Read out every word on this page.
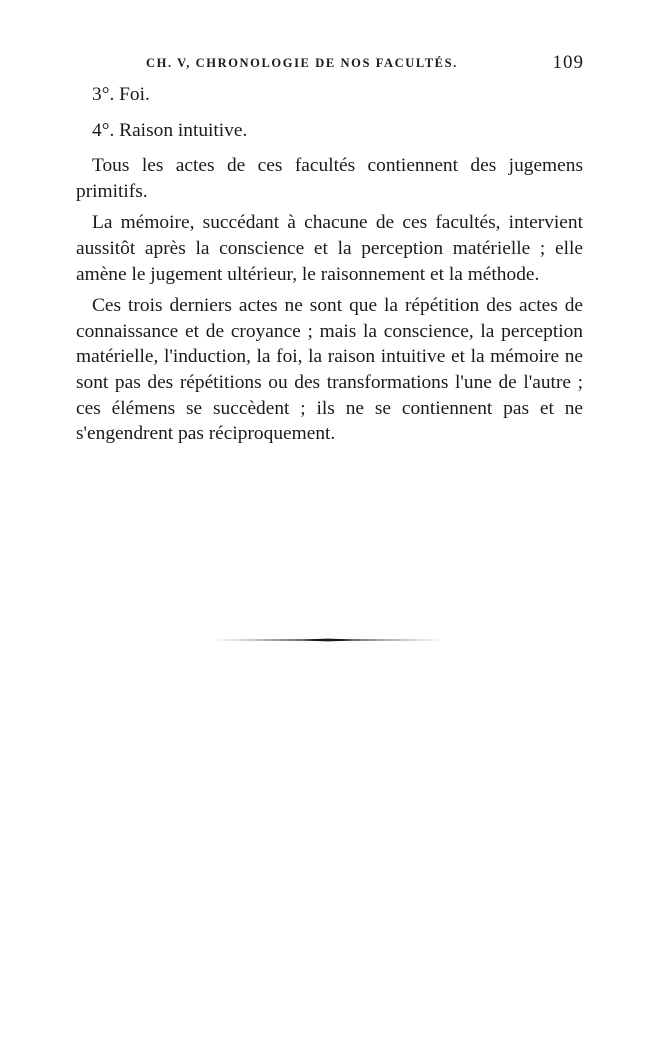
CH. V, CHRONOLOGIE DE NOS FACULTÉS.	109
3°. Foi.
4°. Raison intuitive.

Tous les actes de ces facultés contiennent des jugemens primitifs.

La mémoire, succédant à chacune de ces facultés, intervient aussitôt après la conscience et la perception matérielle ; elle amène le jugement ultérieur, le raisonnement et la méthode.

Ces trois derniers actes ne sont que la répétition des actes de connaissance et de croyance ; mais la conscience, la perception matérielle, l'induction, la foi, la raison intuitive et la mémoire ne sont pas des répétitions ou des transformations l'une de l'autre ; ces élémens se succèdent ; ils ne se contiennent pas et ne s'engendrent pas réciproquement.
